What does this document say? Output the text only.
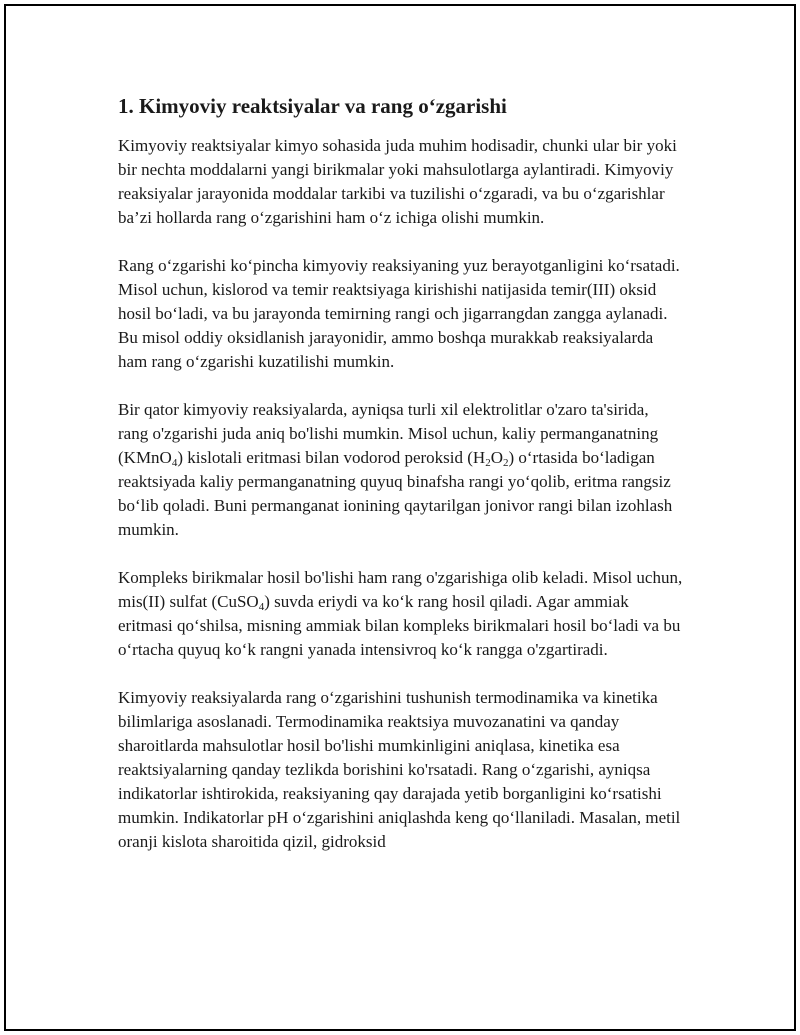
1. Kimyoviy reaktsiyalar va rang o‘zgarishi

Kimyoviy reaktsiyalar kimyo sohasida juda muhim hodisadir, chunki ular bir yoki bir nechta moddalarni yangi birikmalar yoki mahsulotlarga aylantiradi. Kimyoviy reaksiyalar jarayonida moddalar tarkibi va tuzilishi o‘zgaradi, va bu o‘zgarishlar ba’zi hollarda rang o‘zgarishini ham o‘z ichiga olishi mumkin.

Rang o‘zgarishi ko‘pincha kimyoviy reaksiyaning yuz berayotganligini ko‘rsatadi. Misol uchun, kislorod va temir reaktsiyaga kirishishi natijasida temir(III) oksid hosil bo‘ladi, va bu jarayonda temirning rangi och jigarrangdan zangga aylanadi. Bu misol oddiy oksidlanish jarayonidir, ammo boshqa murakkab reaksiyalarda ham rang o‘zgarishi kuzatilishi mumkin.

Bir qator kimyoviy reaksiyalarda, ayniqsa turli xil elektrolitlar o'zaro ta'sirida, rang o'zgarishi juda aniq bo'lishi mumkin. Misol uchun, kaliy permanganatning (KMnO$_4$) kislotali eritmasi bilan vodorod peroksid $(H_2O_2)$ o‘rtasida bo‘ladigan reaktsiyada kaliy permanganatning quyuq binafsha rangi yo‘qolib, eritma rangsiz bo‘lib qoladi. Buni permanganat ionining qaytarilgan jonivor rangi bilan izohlash mumkin.

Kompleks birikmalar hosil bo'lishi ham rang o'zgarishiga olib keladi. Misol uchun, mis(II) sulfat (CuSO$_4$) suvda eriydi va ko‘k rang hosil qiladi. Agar ammiak eritmasi qo‘shilsa, misning ammiak bilan kompleks birikmalari hosil bo‘ladi va bu o‘rtacha quyuq ko‘k rangni yanada intensivroq ko‘k rangga o'zgartiradi.

Kimyoviy reaksiyalarda rang o‘zgarishini tushunish termodinamika va kinetika bilimlariga asoslanadi. Termodinamika reaktsiya muvozanatini va qanday sharoitlarda mahsulotlar hosil bo'lishi mumkinligini aniqlasa, kinetika esa reaktsiyalarning qanday tezlikda borishini ko'rsatadi. Rang o‘zgarishi, ayniqsa indikatorlar ishtirokida, reaksiyaning qay darajada yetib borganligini ko‘rsatishi mumkin. Indikatorlar pH o‘zgarishini aniqlashda keng qo‘llaniladi. Masalan, metil oranji kislota sharoitida qizil, gidroksid
